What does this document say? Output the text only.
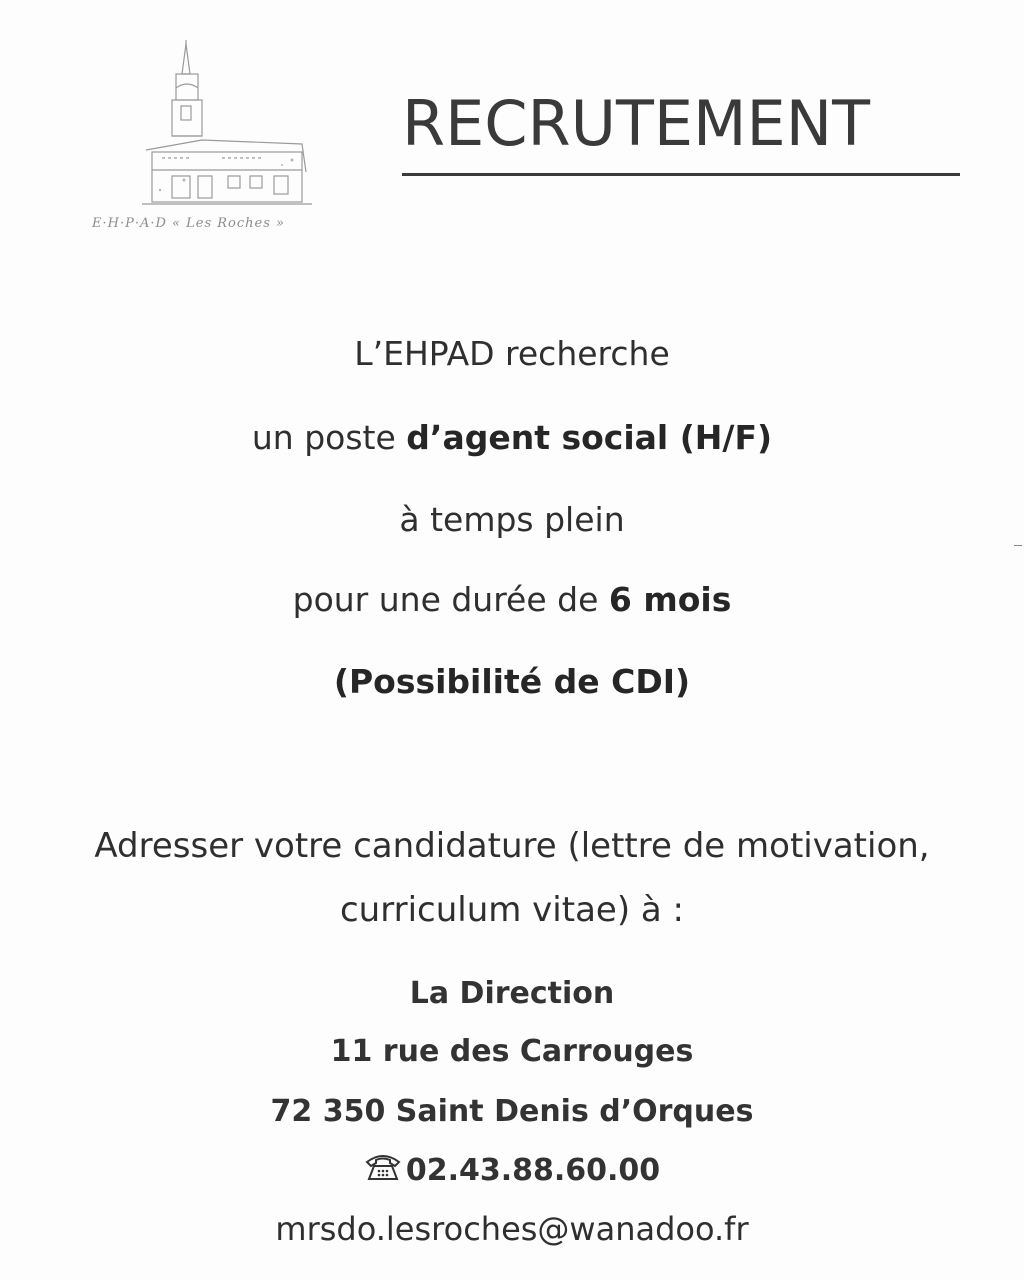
E·H·P·A·D « Les Roches »
RECRUTEMENT
L’EHPAD recherche
un poste d’agent social (H/F)
à temps plein
pour une durée de 6 mois
(Possibilité de CDI)
Adresser votre candidature (lettre de motivation,
curriculum vitae) à :
La Direction
11 rue des Carrouges
72 350 Saint Denis d’Orques
02.43.88.60.00
mrsdo.lesroches@wanadoo.fr
